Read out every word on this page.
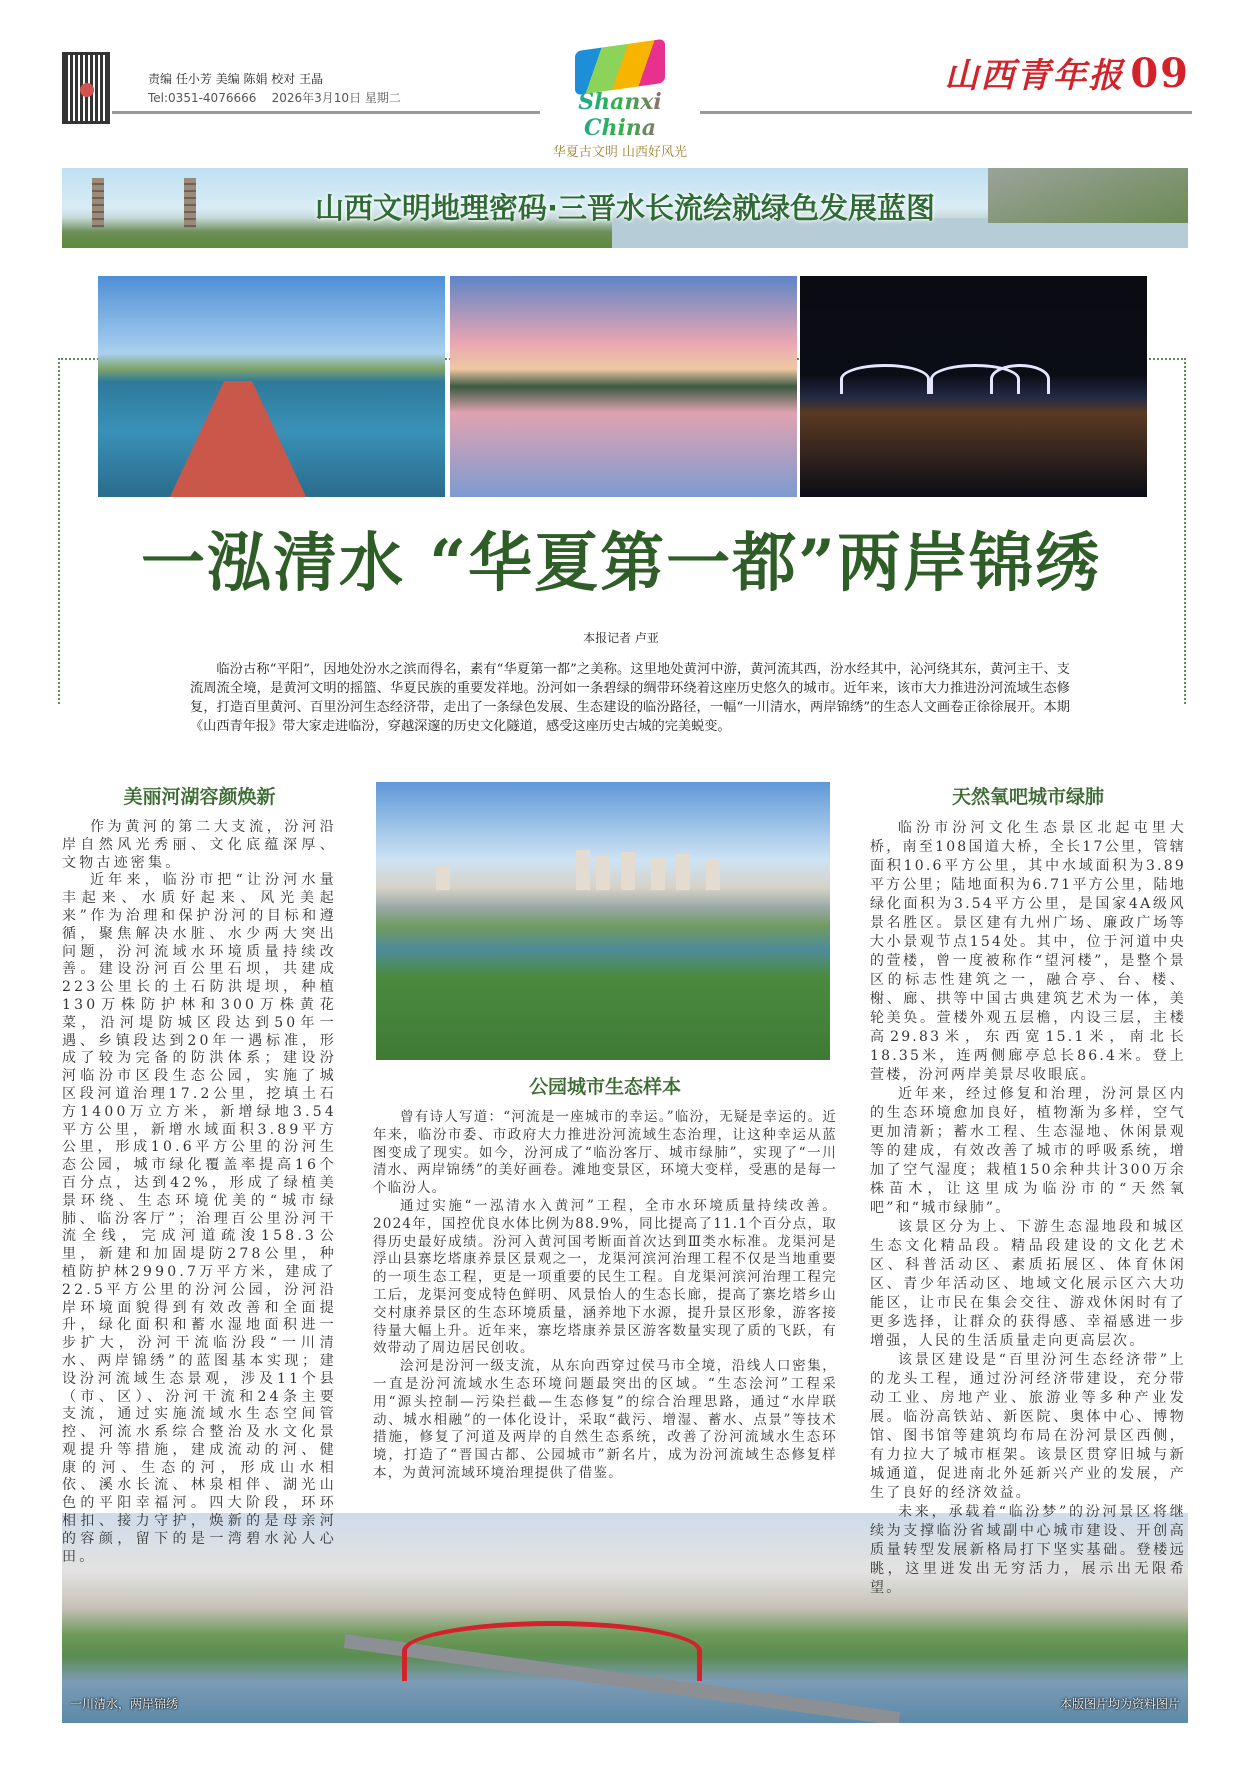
责编 任小芳 美编 陈娟 校对 王晶
Tel:0351-4076666    2026年3月10日 星期二	Shanxi China
华夏古文明 山西好风光
山西青年报 09
山西文明地理密码·三晋水长流绘就绿色发展蓝图
一泓清水 “华夏第一都”两岸锦绣
本报记者 卢亚

临汾古称“平阳”，因地处汾水之滨而得名，素有“华夏第一都”之美称。这里地处黄河中游，黄河流其西，汾水经其中，沁河绕其东，黄河主干、支流周流全境，是黄河文明的摇篮、华夏民族的重要发祥地。汾河如一条碧绿的绸带环绕着这座历史悠久的城市。近年来，该市大力推进汾河流域生态修复，打造百里黄河、百里汾河生态经济带，走出了一条绿色发展、生态建设的临汾路径，一幅“一川清水，两岸锦绣”的生态人文画卷正徐徐展开。本期《山西青年报》带大家走进临汾，穿越深邃的历史文化隧道，感受这座历史古城的完美蜕变。

美丽河湖容颜焕新

作为黄河的第二大支流，汾河沿岸自然风光秀丽、文化底蕴深厚、文物古迹密集。

近年来，临汾市把“让汾河水量丰起来、水质好起来、风光美起来”作为治理和保护汾河的目标和遵循，聚焦解决水脏、水少两大突出问题，汾河流域水环境质量持续改善。建设汾河百公里石坝，共建成223公里长的土石防洪堤坝，种植130万株防护林和300万株黄花菜，沿河堤防城区段达到50年一遇、乡镇段达到20年一遇标准，形成了较为完备的防洪体系；建设汾河临汾市区段生态公园，实施了城区段河道治理17.2公里，挖填土石方1400万立方米，新增绿地3.54平方公里，新增水域面积3.89平方公里，形成10.6平方公里的汾河生态公园，城市绿化覆盖率提高16个百分点，达到42%，形成了绿植美景环绕、生态环境优美的“城市绿肺、临汾客厅”；治理百公里汾河干流全线，完成河道疏浚158.3公里，新建和加固堤防278公里，种植防护林2990.7万平方米，建成了22.5平方公里的汾河公园，汾河沿岸环境面貌得到有效改善和全面提升，绿化面积和蓄水湿地面积进一步扩大，汾河干流临汾段“一川清水、两岸锦绣”的蓝图基本实现；建设汾河流域生态景观，涉及11个县（市、区）、汾河干流和24条主要支流，通过实施流域水生态空间管控、河流水系综合整治及水文化景观提升等措施，建成流动的河、健康的河、生态的河，形成山水相依、溪水长流、林泉相伴、湖光山色的平阳幸福河。四大阶段，环环相扣、接力守护，焕新的是母亲河的容颜，留下的是一湾碧水沁人心田。

公园城市生态样本

曾有诗人写道：“河流是一座城市的幸运。”临汾，无疑是幸运的。近年来，临汾市委、市政府大力推进汾河流域生态治理，让这种幸运从蓝图变成了现实。如今，汾河成了“临汾客厅、城市绿肺”，实现了“一川清水、两岸锦绣”的美好画卷。滩地变景区，环境大变样，受惠的是每一个临汾人。

通过实施“一泓清水入黄河”工程，全市水环境质量持续改善。2024年，国控优良水体比例为88.9%，同比提高了11.1个百分点，取得历史最好成绩。汾河入黄河国考断面首次达到Ⅲ类水标准。龙渠河是浮山县寨圪塔康养景区景观之一，龙渠河滨河治理工程不仅是当地重要的一项生态工程，更是一项重要的民生工程。自龙渠河滨河治理工程完工后，龙渠河变成特色鲜明、风景怡人的生态长廊，提高了寨圪塔乡山交村康养景区的生态环境质量，涵养地下水源，提升景区形象，游客接待量大幅上升。近年来，寨圪塔康养景区游客数量实现了质的飞跃，有效带动了周边居民创收。

浍河是汾河一级支流，从东向西穿过侯马市全境，沿线人口密集，一直是汾河流域水生态环境问题最突出的区域。“生态浍河”工程采用“源头控制—污染拦截—生态修复”的综合治理思路，通过“水岸联动、城水相融”的一体化设计，采取“截污、增湿、蓄水、点景”等技术措施，修复了河道及两岸的自然生态系统，改善了汾河流域水生态环境，打造了“晋国古都、公园城市”新名片，成为汾河流域生态修复样本，为黄河流域环境治理提供了借鉴。

天然氧吧城市绿肺

临汾市汾河文化生态景区北起屯里大桥，南至108国道大桥，全长17公里，管辖面积10.6平方公里，其中水域面积为3.89平方公里；陆地面积为6.71平方公里，陆地绿化面积为3.54平方公里，是国家4A级风景名胜区。景区建有九州广场、廉政广场等大小景观节点154处。其中，位于河道中央的萱楼，曾一度被称作“望河楼”，是整个景区的标志性建筑之一，融合亭、台、楼、榭、廊、拱等中国古典建筑艺术为一体，美轮美奂。萱楼外观五层檐，内设三层，主楼高29.83米，东西宽15.1米，南北长18.35米，连两侧廊亭总长86.4米。登上萱楼，汾河两岸美景尽收眼底。

近年来，经过修复和治理，汾河景区内的生态环境愈加良好，植物渐为多样，空气更加清新；蓄水工程、生态湿地、休闲景观等的建成，有效改善了城市的呼吸系统，增加了空气湿度；栽植150余种共计300万余株苗木，让这里成为临汾市的“天然氧吧”和“城市绿肺”。

该景区分为上、下游生态湿地段和城区生态文化精品段。精品段建设的文化艺术区、科普活动区、素质拓展区、体育休闲区、青少年活动区、地域文化展示区六大功能区，让市民在集会交往、游戏休闲时有了更多选择，让群众的获得感、幸福感进一步增强，人民的生活质量走向更高层次。

该景区建设是“百里汾河生态经济带”上的龙头工程，通过汾河经济带建设，充分带动工业、房地产业、旅游业等多种产业发展。临汾高铁站、新医院、奥体中心、博物馆、图书馆等建筑均布局在汾河景区西侧，有力拉大了城市框架。该景区贯穿旧城与新城通道，促进南北外延新兴产业的发展，产生了良好的经济效益。

未来，承载着“临汾梦”的汾河景区将继续为支撑临汾省域副中心城市建设、开创高质量转型发展新格局打下坚实基础。登楼远眺，这里迸发出无穷活力，展示出无限希望。

一川清水，两岸锦绣	本版图片均为资料图片
